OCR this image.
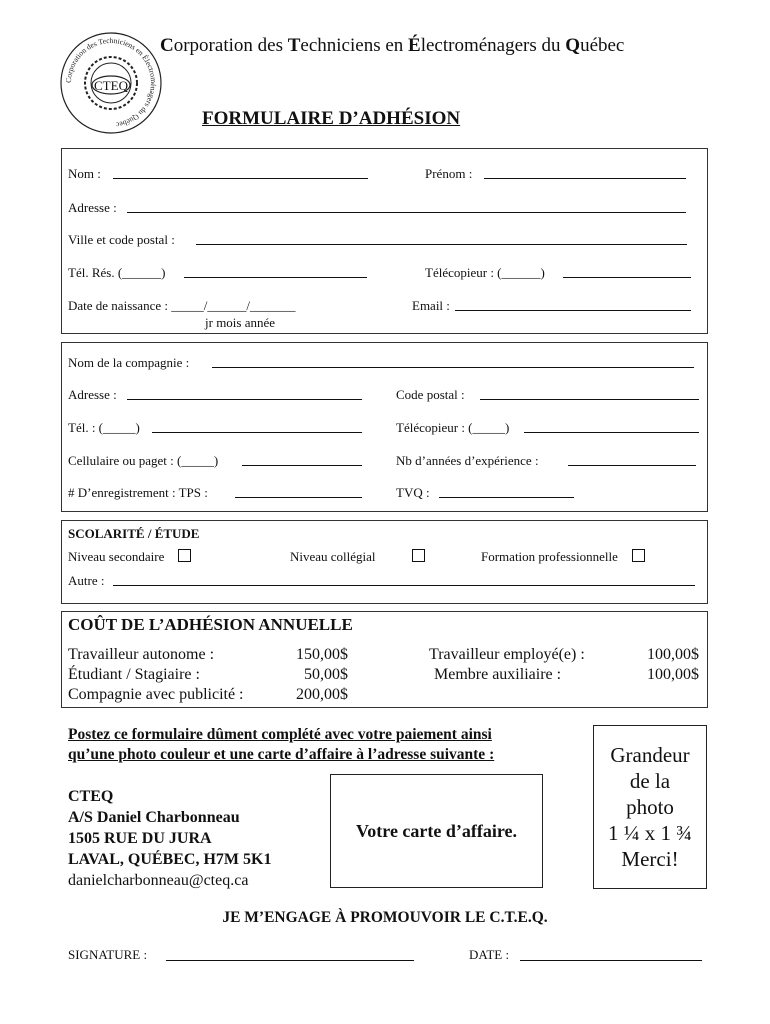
Corporation des Techniciens en Électroménagers du Québec
CTEQ
Corporation des Techniciens en Électroménagers du Québec
FORMULAIRE D’ADHÉSION
Nom :	Prénom :
Adresse :
Ville et code postal :
Tél. Rés. (______)	Télécopieur : (______)
Date de naissance : _____/______/_______
jr mois année
Email :
Nom de la compagnie :
Adresse :	Code postal :
Tél. : (_____)	Télécopieur : (_____)
Cellulaire ou paget : (_____)	Nb d’années d’expérience :
# D’enregistrement : TPS :	TVQ :
SCOLARITÉ / ÉTUDE
Niveau secondaire	Niveau collégial	Formation professionnelle
Autre :
COÛT DE L’ADHÉSION ANNUELLE
Travailleur autonome :	150,00$
Étudiant / Stagiaire :	50,00$
Compagnie avec publicité :	200,00$
Travailleur employé(e) :	100,00$
Membre auxiliaire :	100,00$
Postez ce formulaire dûment complété avec votre paiement ainsi
qu’une photo couleur et une carte d’affaire à l’adresse suivante :
CTEQ
A/S Daniel Charbonneau
1505 RUE DU JURA
LAVAL, QUÉBEC, H7M 5K1
danielcharbonneau@cteq.ca
Votre carte d’affaire.
Grandeur
de la
photo
1 ¼ x 1 ¾
Merci!
JE M’ENGAGE À PROMOUVOIR LE C.T.E.Q.
SIGNATURE :	DATE :
